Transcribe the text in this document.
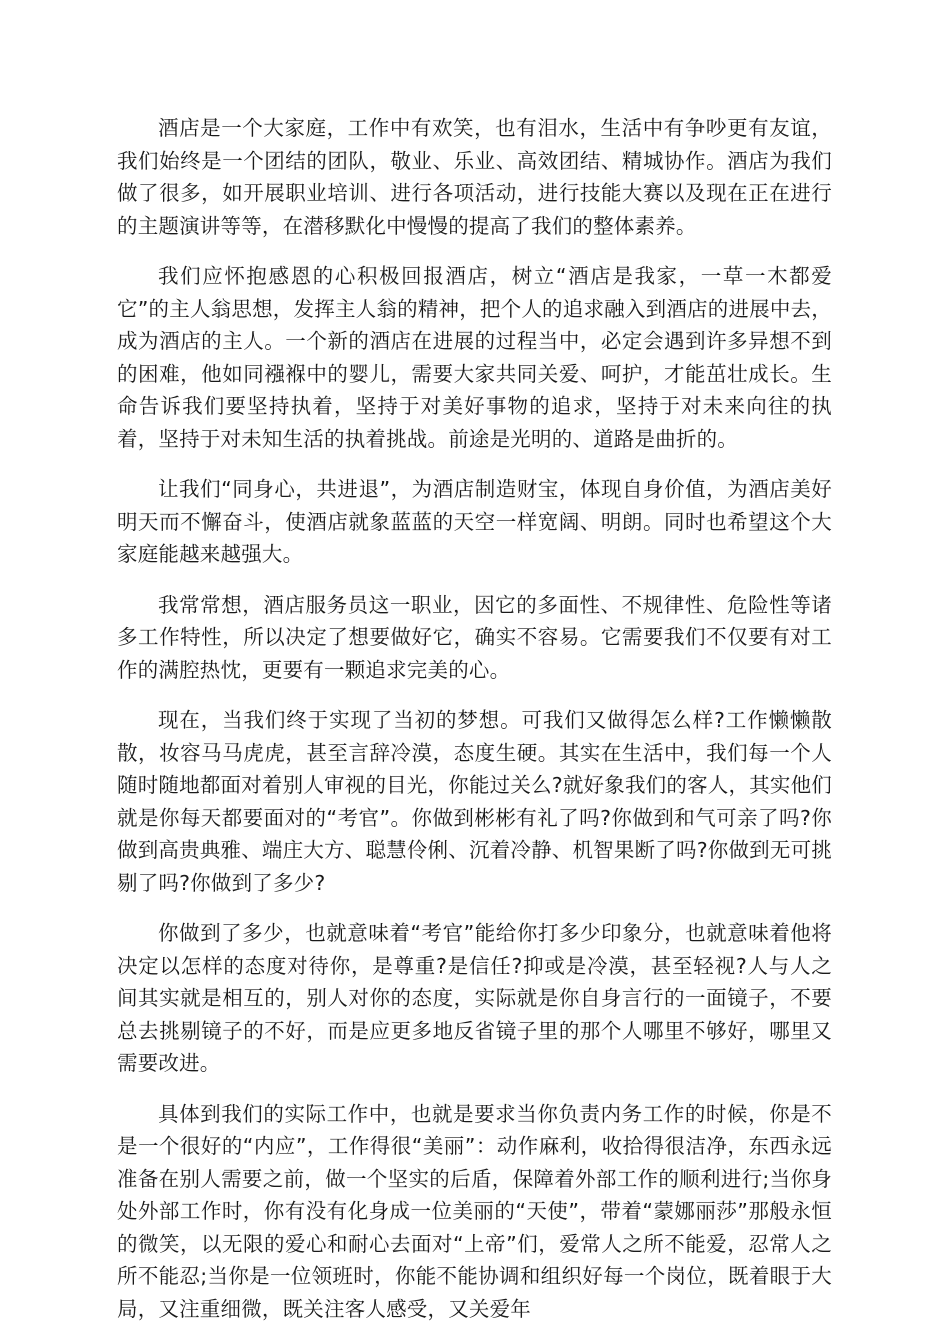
酒店是一个大家庭，工作中有欢笑，也有泪水，生活中有争吵更有友谊，我们始终是一个团结的团队，敬业、乐业、高效团结、精城协作。酒店为我们做了很多，如开展职业培训、进行各项活动，进行技能大赛以及现在正在进行的主题演讲等等，在潜移默化中慢慢的提高了我们的整体素养。

我们应怀抱感恩的心积极回报酒店，树立“酒店是我家，一草一木都爱它”的主人翁思想，发挥主人翁的精神，把个人的追求融入到酒店的进展中去，成为酒店的主人。一个新的酒店在进展的过程当中，必定会遇到许多异想不到的困难，他如同襁褓中的婴儿，需要大家共同关爱、呵护，才能茁壮成长。生命告诉我们要坚持执着，坚持于对美好事物的追求，坚持于对未来向往的执着，坚持于对未知生活的执着挑战。前途是光明的、道路是曲折的。

让我们“同身心，共进退”，为酒店制造财宝，体现自身价值，为酒店美好明天而不懈奋斗，使酒店就象蓝蓝的天空一样宽阔、明朗。同时也希望这个大家庭能越来越强大。

我常常想，酒店服务员这一职业，因它的多面性、不规律性、危险性等诸多工作特性，所以决定了想要做好它，确实不容易。它需要我们不仅要有对工作的满腔热忱，更要有一颗追求完美的心。

现在，当我们终于实现了当初的梦想。可我们又做得怎么样?工作懒懒散散，妆容马马虎虎，甚至言辞冷漠，态度生硬。其实在生活中，我们每一个人随时随地都面对着别人审视的目光，你能过关么?就好象我们的客人，其实他们就是你每天都要面对的“考官”。你做到彬彬有礼了吗?你做到和气可亲了吗?你做到高贵典雅、端庄大方、聪慧伶俐、沉着冷静、机智果断了吗?你做到无可挑剔了吗?你做到了多少?

你做到了多少，也就意味着“考官”能给你打多少印象分，也就意味着他将决定以怎样的态度对待你，是尊重?是信任?抑或是冷漠，甚至轻视?人与人之间其实就是相互的，别人对你的态度，实际就是你自身言行的一面镜子，不要总去挑剔镜子的不好，而是应更多地反省镜子里的那个人哪里不够好，哪里又需要改进。

具体到我们的实际工作中，也就是要求当你负责内务工作的时候，你是不是一个很好的“内应”，工作得很“美丽”：动作麻利，收拾得很洁净，东西永远准备在别人需要之前，做一个坚实的后盾，保障着外部工作的顺利进行;当你身处外部工作时，你有没有化身成一位美丽的“天使”，带着“蒙娜丽莎”那般永恒的微笑，以无限的爱心和耐心去面对“上帝”们，爱常人之所不能爱，忍常人之所不能忍;当你是一位领班时，你能不能协调和组织好每一个岗位，既着眼于大局，又注重细微，既关注客人感受，又关爱年
